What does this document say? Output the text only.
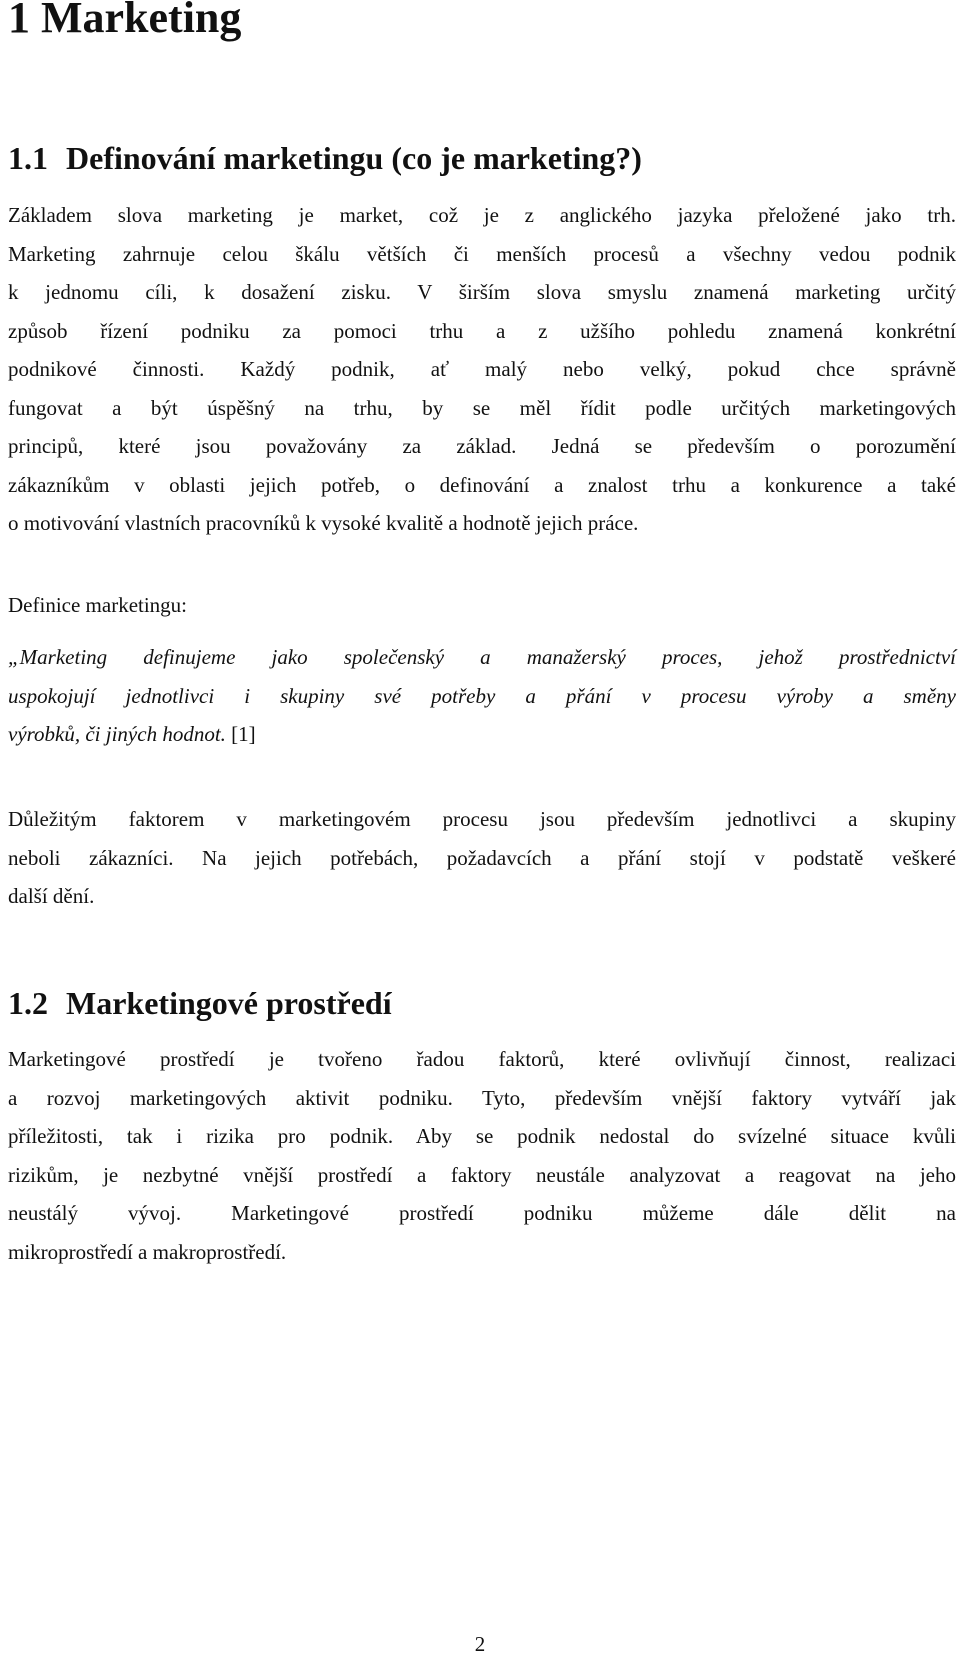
1 Marketing
1.1 Definování marketingu (co je marketing?)
Základem slova marketing je market, což je z anglického jazyka přeložené jako trh.
Marketing zahrnuje celou škálu větších či menších procesů a všechny vedou podnik
k jednomu cíli, k dosažení zisku. V širším slova smyslu znamená marketing určitý
způsob řízení podniku za pomoci trhu a z užšího pohledu znamená konkrétní
podnikové činnosti. Každý podnik, ať malý nebo velký, pokud chce správně
fungovat a být úspěšný na trhu, by se měl řídit podle určitých marketingových
principů, které jsou považovány za základ. Jedná se především o porozumění
zákazníkům v oblasti jejich potřeb, o definování a znalost trhu a konkurence a také
o motivování vlastních pracovníků k vysoké kvalitě a hodnotě jejich práce.
Definice marketingu:
„Marketing definujeme jako společenský a manažerský proces, jehož prostřednictví
uspokojují jednotlivci i skupiny své potřeby a přání v procesu výroby a směny
výrobků, či jiných hodnot. [1]
Důležitým faktorem v marketingovém procesu jsou především jednotlivci a skupiny
neboli zákazníci. Na jejich potřebách, požadavcích a přání stojí v podstatě veškeré
další dění.
1.2 Marketingové prostředí
Marketingové prostředí je tvořeno řadou faktorů, které ovlivňují činnost, realizaci
a rozvoj marketingových aktivit podniku. Tyto, především vnější faktory vytváří jak
příležitosti, tak i rizika pro podnik. Aby se podnik nedostal do svízelné situace kvůli
rizikům, je nezbytné vnější prostředí a faktory neustále analyzovat a reagovat na jeho
neustálý vývoj. Marketingové prostředí podniku můžeme dále dělit na
mikroprostředí a makroprostředí.
2
